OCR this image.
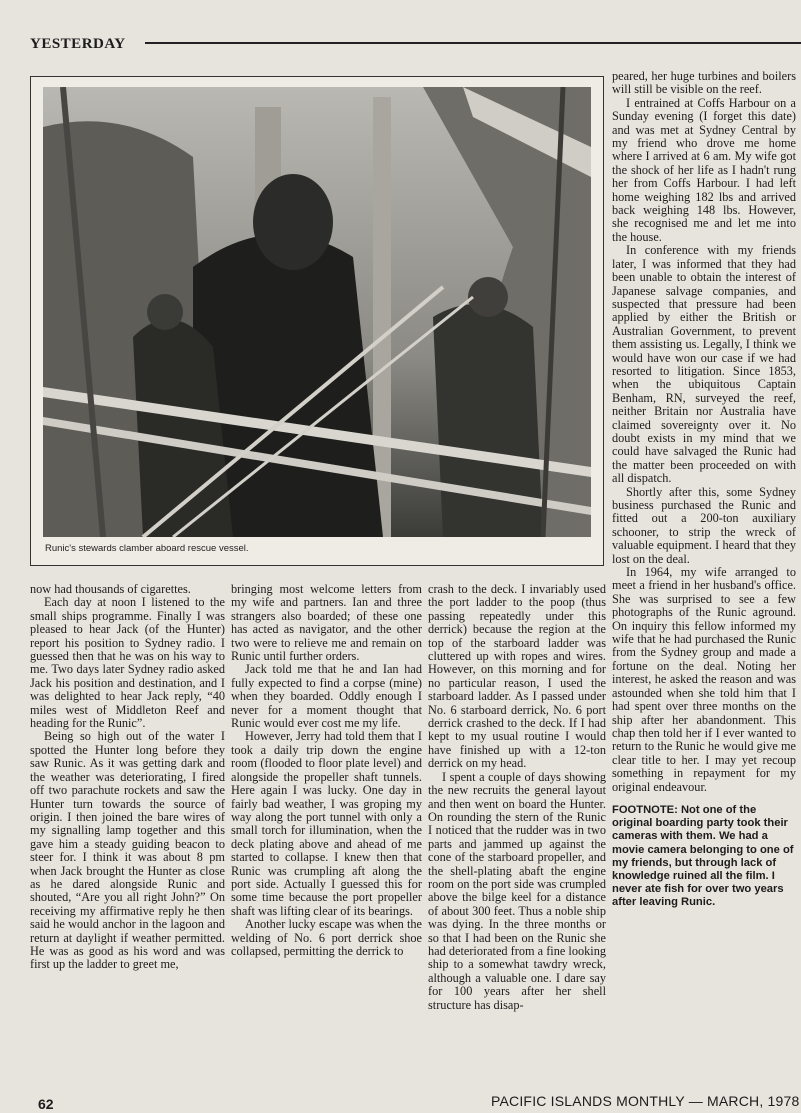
YESTERDAY
Runic's stewards clamber aboard rescue vessel.

peared, her huge turbines and boilers will still be visible on the reef.

I entrained at Coffs Harbour on a Sunday evening (I forget this date) and was met at Sydney Central by my friend who drove me home where I arrived at 6 am. My wife got the shock of her life as I hadn't rung her from Coffs Harbour. I had left home weighing 182 lbs and arrived back weighing 148 lbs. However, she recognised me and let me into the house.

In conference with my friends later, I was informed that they had been unable to obtain the interest of Japanese salvage companies, and suspected that pressure had been applied by either the British or Australian Government, to prevent them assisting us. Legally, I think we would have won our case if we had resorted to litigation. Since 1853, when the ubiquitous Captain Benham, RN, surveyed the reef, neither Britain nor Australia have claimed sovereignty over it. No doubt exists in my mind that we could have salvaged the Runic had the matter been proceeded on with all dispatch.

Shortly after this, some Sydney business purchased the Runic and fitted out a 200-ton auxiliary schooner, to strip the wreck of valuable equipment. I heard that they lost on the deal.

In 1964, my wife arranged to meet a friend in her husband's office. She was surprised to see a few photographs of the Runic aground. On inquiry this fellow informed my wife that he had purchased the Runic from the Sydney group and made a fortune on the deal. Noting her interest, he asked the reason and was astounded when she told him that I had spent over three months on the ship after her abandonment. This chap then told her if I ever wanted to return to the Runic he would give me clear title to her. I may yet recoup something in repayment for my original endeavour.

FOOTNOTE: Not one of the original boarding party took their cameras with them. We had a movie camera belonging to one of my friends, but through lack of knowledge ruined all the film. I never ate fish for over two years after leaving Runic.

now had thousands of cigarettes.

Each day at noon I listened to the small ships programme. Finally I was pleased to hear Jack (of the Hunter) report his position to Sydney radio. I guessed then that he was on his way to me. Two days later Sydney radio asked Jack his position and destination, and I was delighted to hear Jack reply, “40 miles west of Middleton Reef and heading for the Runic”.

Being so high out of the water I spotted the Hunter long before they saw Runic. As it was getting dark and the weather was deteriorating, I fired off two parachute rockets and saw the Hunter turn towards the source of origin. I then joined the bare wires of my signalling lamp together and this gave him a steady guiding beacon to steer for. I think it was about 8 pm when Jack brought the Hunter as close as he dared alongside Runic and shouted, “Are you all right John?” On receiving my affirmative reply he then said he would anchor in the lagoon and return at daylight if weather permitted. He was as good as his word and was first up the ladder to greet me,

bringing most welcome letters from my wife and partners. Ian and three strangers also boarded; of these one has acted as navigator, and the other two were to relieve me and remain on Runic until further orders.

Jack told me that he and Ian had fully expected to find a corpse (mine) when they boarded. Oddly enough I never for a moment thought that Runic would ever cost me my life.

However, Jerry had told them that I took a daily trip down the engine room (flooded to floor plate level) and alongside the propeller shaft tunnels. Here again I was lucky. One day in fairly bad weather, I was groping my way along the port tunnel with only a small torch for illumination, when the deck plating above and ahead of me started to collapse. I knew then that Runic was crumpling aft along the port side. Actually I guessed this for some time because the port propeller shaft was lifting clear of its bearings.

Another lucky escape was when the welding of No. 6 port derrick shoe collapsed, permitting the derrick to

crash to the deck. I invariably used the port ladder to the poop (thus passing repeatedly under this derrick) because the region at the top of the starboard ladder was cluttered up with ropes and wires. However, on this morning and for no particular reason, I used the starboard ladder. As I passed under No. 6 starboard derrick, No. 6 port derrick crashed to the deck. If I had kept to my usual routine I would have finished up with a 12-ton derrick on my head.

I spent a couple of days showing the new recruits the general layout and then went on board the Hunter. On rounding the stern of the Runic I noticed that the rudder was in two parts and jammed up against the cone of the starboard propeller, and the shell-plating abaft the engine room on the port side was crumpled above the bilge keel for a distance of about 300 feet. Thus a noble ship was dying. In the three months or so that I had been on the Runic she had deteriorated from a fine looking ship to a somewhat tawdry wreck, although a valuable one. I dare say for 100 years after her shell structure has disap-

62	PACIFIC ISLANDS MONTHLY — MARCH, 1978
